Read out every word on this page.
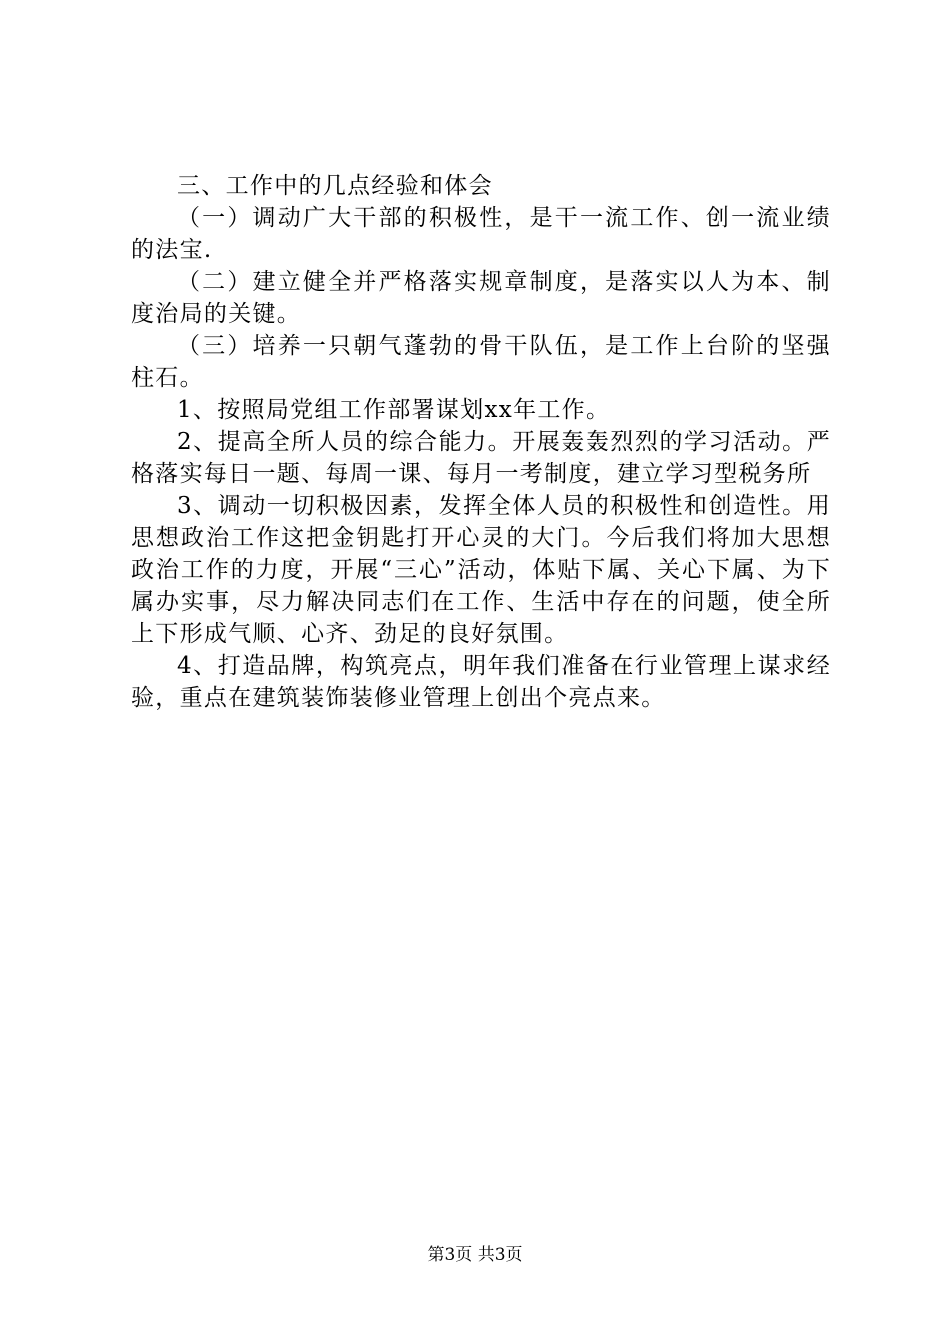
三、工作中的几点经验和体会

（一）调动广大干部的积极性，是干一流工作、创一流业绩的法宝.

（二）建立健全并严格落实规章制度，是落实以人为本、制度治局的关键。

（三）培养一只朝气蓬勃的骨干队伍，是工作上台阶的坚强柱石。

1、按照局党组工作部署谋划xx年工作。

2、提高全所人员的综合能力。开展轰轰烈烈的学习活动。严格落实每日一题、每周一课、每月一考制度，建立学习型税务所

3、调动一切积极因素，发挥全体人员的积极性和创造性。用思想政治工作这把金钥匙打开心灵的大门。今后我们将加大思想政治工作的力度，开展“三心”活动，体贴下属、关心下属、为下属办实事，尽力解决同志们在工作、生活中存在的问题，使全所上下形成气顺、心齐、劲足的良好氛围。

4、打造品牌，构筑亮点，明年我们准备在行业管理上谋求经验，重点在建筑装饰装修业管理上创出个亮点来。

第3页 共3页
